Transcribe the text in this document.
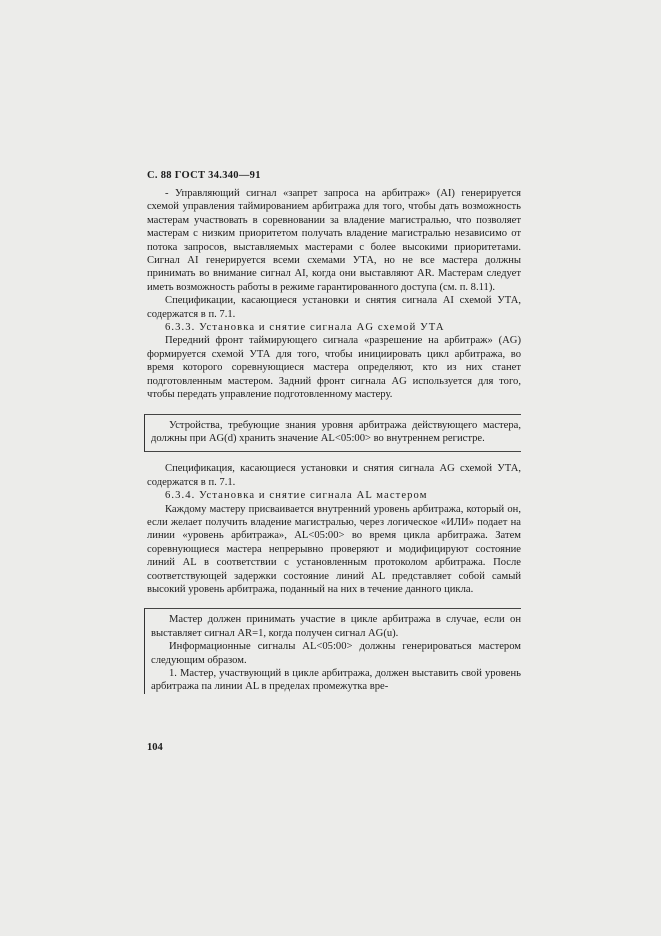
С. 88 ГОСТ 34.340—91

- Управляющий сигнал «запрет запроса на арбитраж» (AI) генерируется схемой управления таймированием арбитража для того, чтобы дать возможность мастерам участвовать в соревновании за владение магистралью, что позволяет мастерам с низким приоритетом получать владение магистралью независимо от потока запросов, выставляемых мастерами с более высокими приоритетами. Сигнал AI генерируется всеми схемами УТА, но не все мастера должны принимать во внимание сигнал AI, когда они выставляют AR. Мастерам следует иметь возможность работы в режиме гарантированного доступа (см. п. 8.11).

Спецификации, касающиеся установки и снятия сигнала AI схемой УТА, содержатся в п. 7.1.

6.3.3. Установка и снятие сигнала AG схемой УТА

Передний фронт таймирующего сигнала «разрешение на арбитраж» (AG) формируется схемой УТА для того, чтобы инициировать цикл арбитража, во время которого соревнующиеся мастера определяют, кто из них станет подготовленным мастером. Задний фронт сигнала AG используется для того, чтобы передать управление подготовленному мастеру.

Устройства, требующие знания уровня арбитража действующего мастера, должны при AG(d) хранить значение AL<05:00> во внутреннем регистре.

Спецификация, касающиеся установки и снятия сигнала AG схемой УТА, содержатся в п. 7.1.

6.3.4. Установка и снятие сигнала AL мастером

Каждому мастеру присваивается внутренний уровень арбитража, который он, если желает получить владение магистралью, через логическое «ИЛИ» подает на линии «уровень арбитража», AL<05:00> во время цикла арбитража. Затем соревнующиеся мастера непрерывно проверяют и модифицируют состояние линий AL в соответствии с установленным протоколом арбитража. После соответствующей задержки состояние линий AL представляет собой самый высокий уровень арбитража, поданный на них в течение данного цикла.

Мастер должен принимать участие в цикле арбитража в случае, если он выставляет сигнал AR=1, когда получен сигнал AG(u).

Информационные сигналы AL<05:00> должны генерироваться мастером следующим образом.

1. Мастер, участвующий в цикле арбитража, должен выставить свой уровень арбитража па линии AL в пределах промежутка вре-

104
